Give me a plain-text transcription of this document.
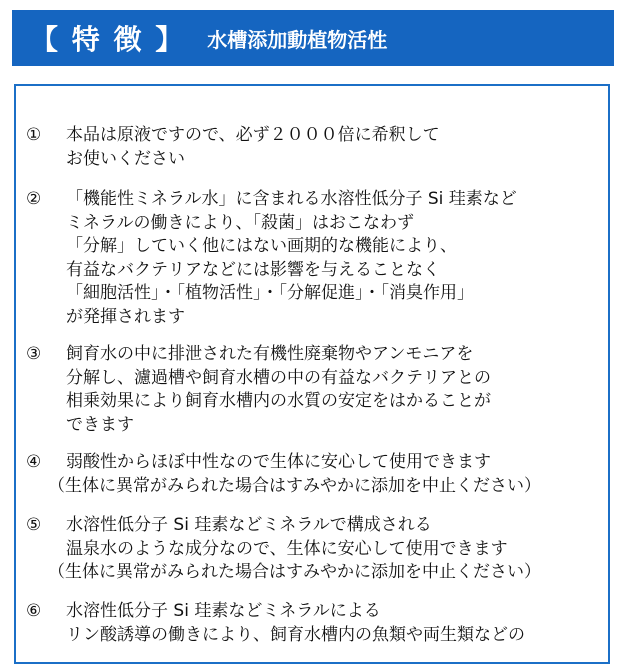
【 特 徴 】 水槽添加動植物活性
① 本品は原液ですので、必ず２０００倍に希釈して
お使いください
② 「機能性ミネラル水」に含まれる水溶性低分子 Si 珪素など
ミネラルの働きにより、「殺菌」はおこなわず
「分解」していく他にはない画期的な機能により、
有益なバクテリアなどには影響を与えることなく
「細胞活性」・「植物活性」・「分解促進」・「消臭作用」
が発揮されます
③ 飼育水の中に排泄された有機性廃棄物やアンモニアを
分解し、濾過槽や飼育水槽の中の有益なバクテリアとの
相乗効果により飼育水槽内の水質の安定をはかることが
できます
④ 弱酸性からほぼ中性なので生体に安心して使用できます
（生体に異常がみられた場合はすみやかに添加を中止ください）
⑤ 水溶性低分子 Si 珪素などミネラルで構成される
温泉水のような成分なので、生体に安心して使用できます
（生体に異常がみられた場合はすみやかに添加を中止ください）
⑥ 水溶性低分子 Si 珪素などミネラルによる
リン酸誘導の働きにより、飼育水槽内の魚類や両生類などの
